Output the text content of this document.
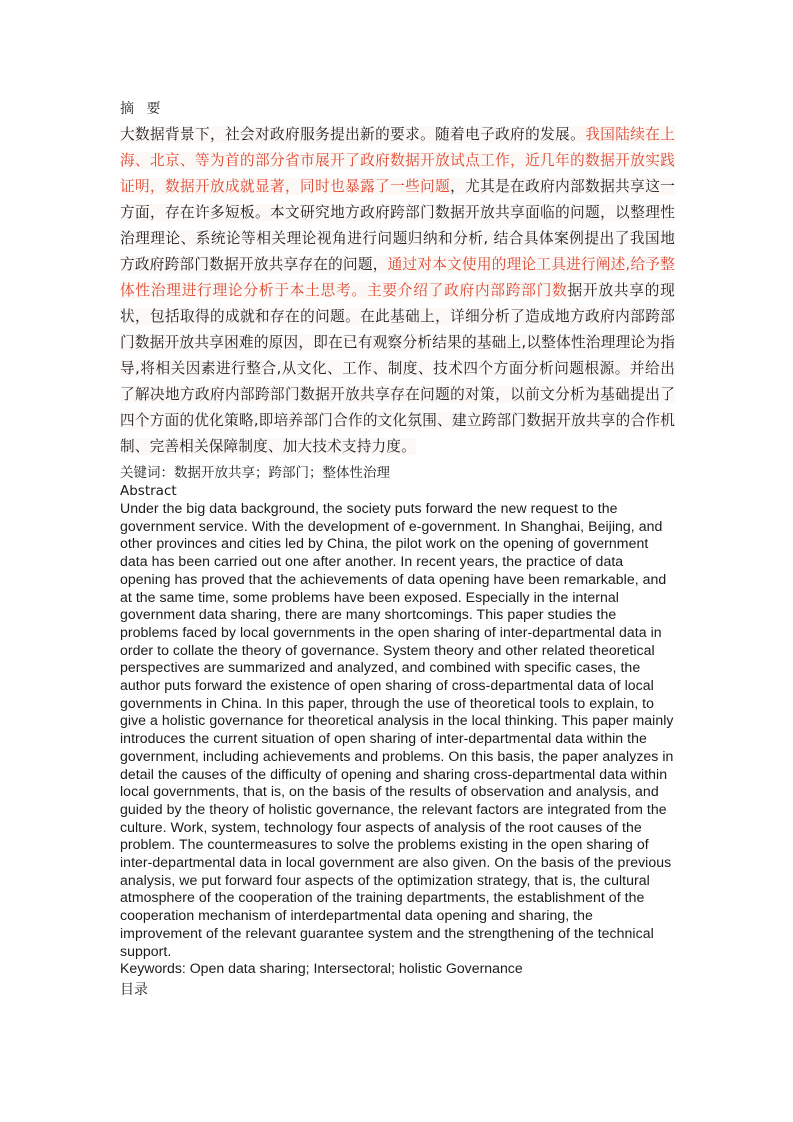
摘 要

大数据背景下，社会对政府服务提出新的要求。随着电子政府的发展。我国陆续在上海、北京、等为首的部分省市展开了政府数据开放试点工作，近几年的数据开放实践证明，数据开放成就显著，同时也暴露了一些问题，尤其是在政府内部数据共享这一方面，存在许多短板。本文研究地方政府跨部门数据开放共享面临的问题，以整理性治理理论、系统论等相关理论视角进行问题归纳和分析, 结合具体案例提出了我国地方政府跨部门数据开放共享存在的问题，通过对本文使用的理论工具进行阐述,给予整体性治理进行理论分析于本土思考。主要介绍了政府内部跨部门数据开放共享的现状，包括取得的成就和存在的问题。在此基础上，详细分析了造成地方政府内部跨部门数据开放共享困难的原因，即在已有观察分析结果的基础上,以整体性治理理论为指导,将相关因素进行整合,从文化、工作、制度、技术四个方面分析问题根源。并给出了解决地方政府内部跨部门数据开放共享存在问题的对策，以前文分析为基础提出了四个方面的优化策略,即培养部门合作的文化氛围、建立跨部门数据开放共享的合作机制、完善相关保障制度、加大技术支持力度。

关键词：数据开放共享；跨部门；整体性治理
Abstract

Under the big data background, the society puts forward the new request to the government service. With the development of e-government. In Shanghai, Beijing, and other provinces and cities led by China, the pilot work on the opening of government data has been carried out one after another. In recent years, the practice of data opening has proved that the achievements of data opening have been remarkable, and at the same time, some problems have been exposed. Especially in the internal government data sharing, there are many shortcomings. This paper studies the problems faced by local governments in the open sharing of inter-departmental data in order to collate the theory of governance. System theory and other related theoretical perspectives are summarized and analyzed, and combined with specific cases, the author puts forward the existence of open sharing of cross-departmental data of local governments in China. In this paper, through the use of theoretical tools to explain, to give a holistic governance for theoretical analysis in the local thinking. This paper mainly introduces the current situation of open sharing of inter-departmental data within the government, including achievements and problems. On this basis, the paper analyzes in detail the causes of the difficulty of opening and sharing cross-departmental data within local governments, that is, on the basis of the results of observation and analysis, and guided by the theory of holistic governance, the relevant factors are integrated from the culture. Work, system, technology four aspects of analysis of the root causes of the problem. The countermeasures to solve the problems existing in the open sharing of inter-departmental data in local government are also given. On the basis of the previous analysis, we put forward four aspects of the optimization strategy, that is, the cultural atmosphere of the cooperation of the training departments, the establishment of the cooperation mechanism of interdepartmental data opening and sharing, the improvement of the relevant guarantee system and the strengthening of the technical support.

Keywords: Open data sharing; Intersectoral; holistic Governance
目录
